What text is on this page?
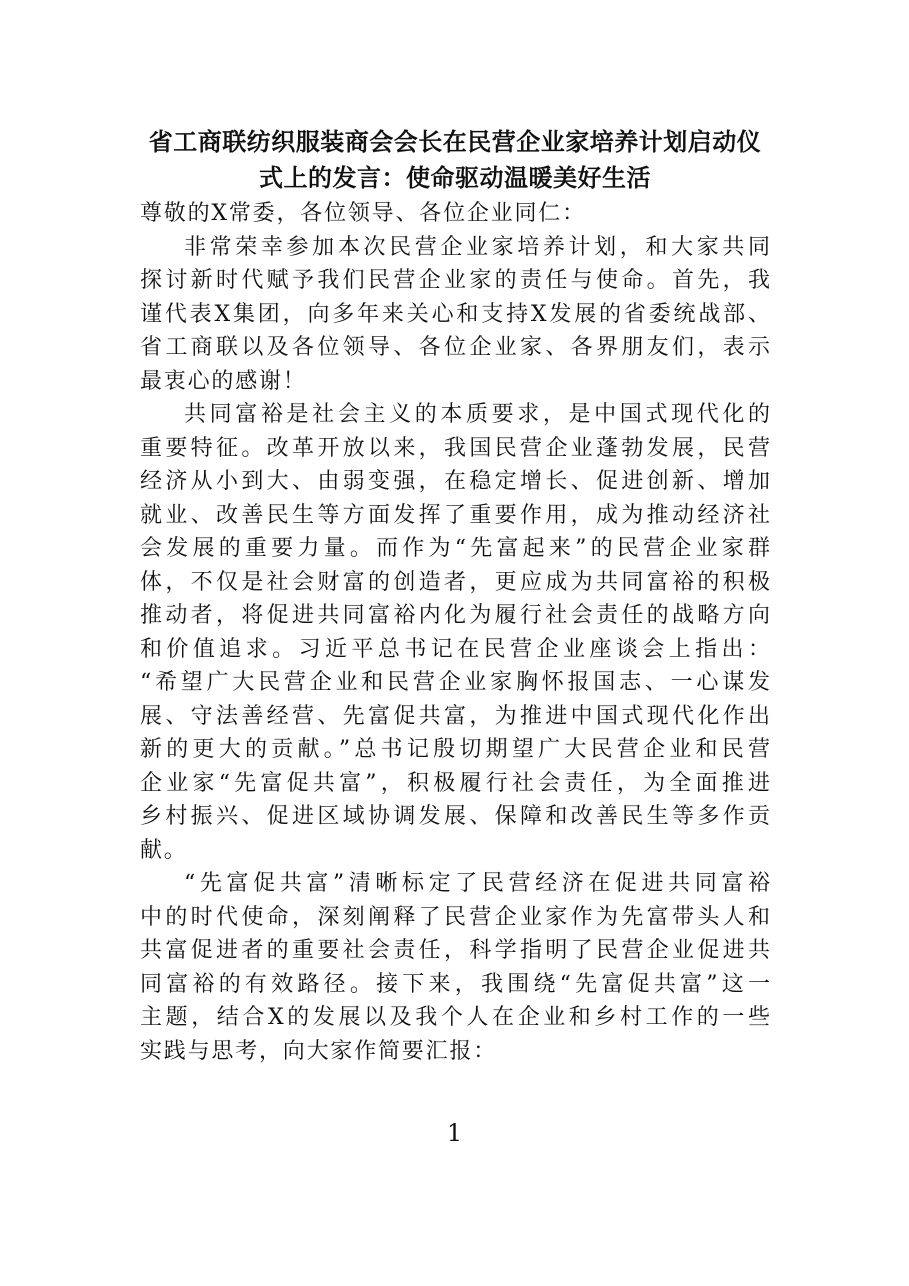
省工商联纺织服装商会会长在民营企业家培养计划启动仪
式上的发言：使命驱动温暖美好生活
尊敬的X常委，各位领导、各位企业同仁：
非常荣幸参加本次民营企业家培养计划，和大家共同
探讨新时代赋予我们民营企业家的责任与使命。首先，我
谨代表X集团，向多年来关心和支持X发展的省委统战部、
省工商联以及各位领导、各位企业家、各界朋友们，表示
最衷心的感谢！
共同富裕是社会主义的本质要求，是中国式现代化的
重要特征。改革开放以来，我国民营企业蓬勃发展，民营
经济从小到大、由弱变强，在稳定增长、促进创新、增加
就业、改善民生等方面发挥了重要作用，成为推动经济社
会发展的重要力量。而作为“先富起来”的民营企业家群
体，不仅是社会财富的创造者，更应成为共同富裕的积极
推动者，将促进共同富裕内化为履行社会责任的战略方向
和价值追求。习近平总书记在民营企业座谈会上指出：
“希望广大民营企业和民营企业家胸怀报国志、一心谋发
展、守法善经营、先富促共富，为推进中国式现代化作出
新的更大的贡献。”总书记殷切期望广大民营企业和民营
企业家“先富促共富”，积极履行社会责任，为全面推进
乡村振兴、促进区域协调发展、保障和改善民生等多作贡
献。
“先富促共富”清晰标定了民营经济在促进共同富裕
中的时代使命，深刻阐释了民营企业家作为先富带头人和
共富促进者的重要社会责任，科学指明了民营企业促进共
同富裕的有效路径。接下来，我围绕“先富促共富”这一
主题，结合X的发展以及我个人在企业和乡村工作的一些
实践与思考，向大家作简要汇报：
1
